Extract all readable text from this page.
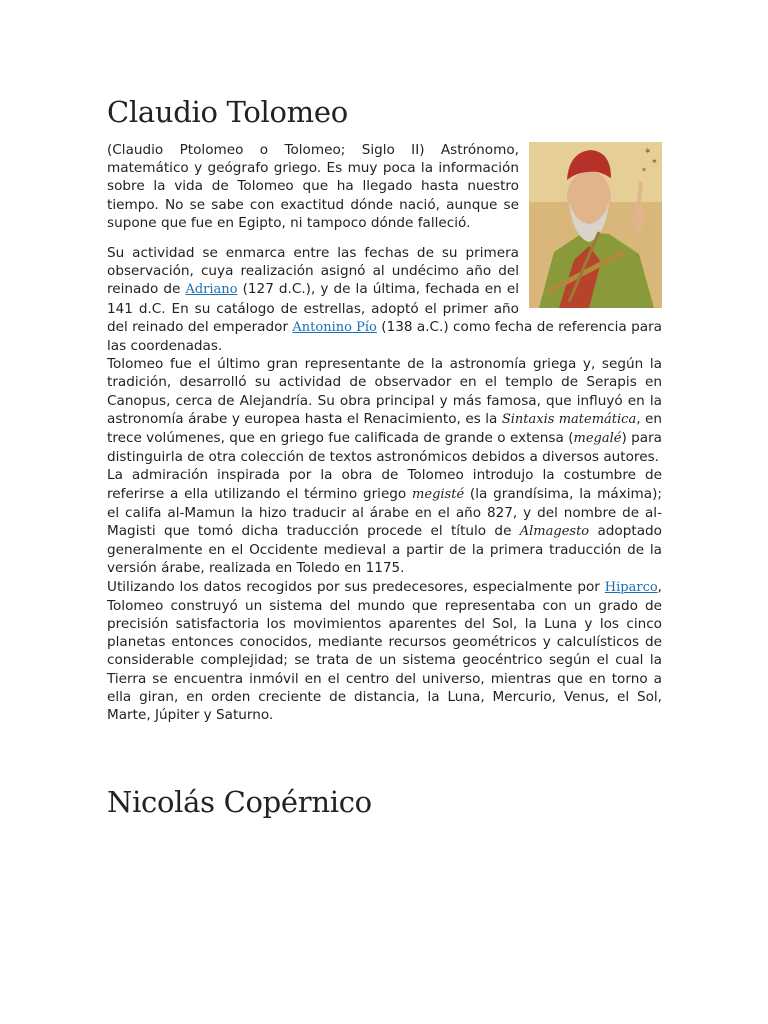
Claudio Tolomeo
✶
✶
✶

(Claudio Ptolomeo o Tolomeo; Siglo II) Astrónomo, matemático y geógrafo griego. Es muy poca la información sobre la vida de Tolomeo que ha llegado hasta nuestro tiempo. No se sabe con exactitud dónde nació, aunque se supone que fue en Egipto, ni tampoco dónde falleció.

Su actividad se enmarca entre las fechas de su primera observación, cuya realización asignó al undécimo año del reinado de Adriano (127 d.C.), y de la última, fechada en el 141 d.C. En su catálogo de estrellas, adoptó el primer año del reinado del emperador Antonino Pío (138 a.C.) como fecha de referencia para las coordenadas.

Tolomeo fue el último gran representante de la astronomía griega y, según la tradición, desarrolló su actividad de observador en el templo de Serapis en Canopus, cerca de Alejandría. Su obra principal y más famosa, que influyó en la astronomía árabe y europea hasta el Renacimiento, es la Sintaxis matemática, en trece volúmenes, que en griego fue calificada de grande o extensa (megalé) para distinguirla de otra colección de textos astronómicos debidos a diversos autores.

La admiración inspirada por la obra de Tolomeo introdujo la costumbre de referirse a ella utilizando el término griego megisté (la grandísima, la máxima); el califa al-Mamun la hizo traducir al árabe en el año 827, y del nombre de al-Magisti que tomó dicha traducción procede el título de Almagesto adoptado generalmente en el Occidente medieval a partir de la primera traducción de la versión árabe, realizada en Toledo en 1175.

Utilizando los datos recogidos por sus predecesores, especialmente por Hiparco, Tolomeo construyó un sistema del mundo que representaba con un grado de precisión satisfactoria los movimientos aparentes del Sol, la Luna y los cinco planetas entonces conocidos, mediante recursos geométricos y calculísticos de considerable complejidad; se trata de un sistema geocéntrico según el cual la Tierra se encuentra inmóvil en el centro del universo, mientras que en torno a ella giran, en orden creciente de distancia, la Luna, Mercurio, Venus, el Sol, Marte, Júpiter y Saturno.

Nicolás Copérnico
